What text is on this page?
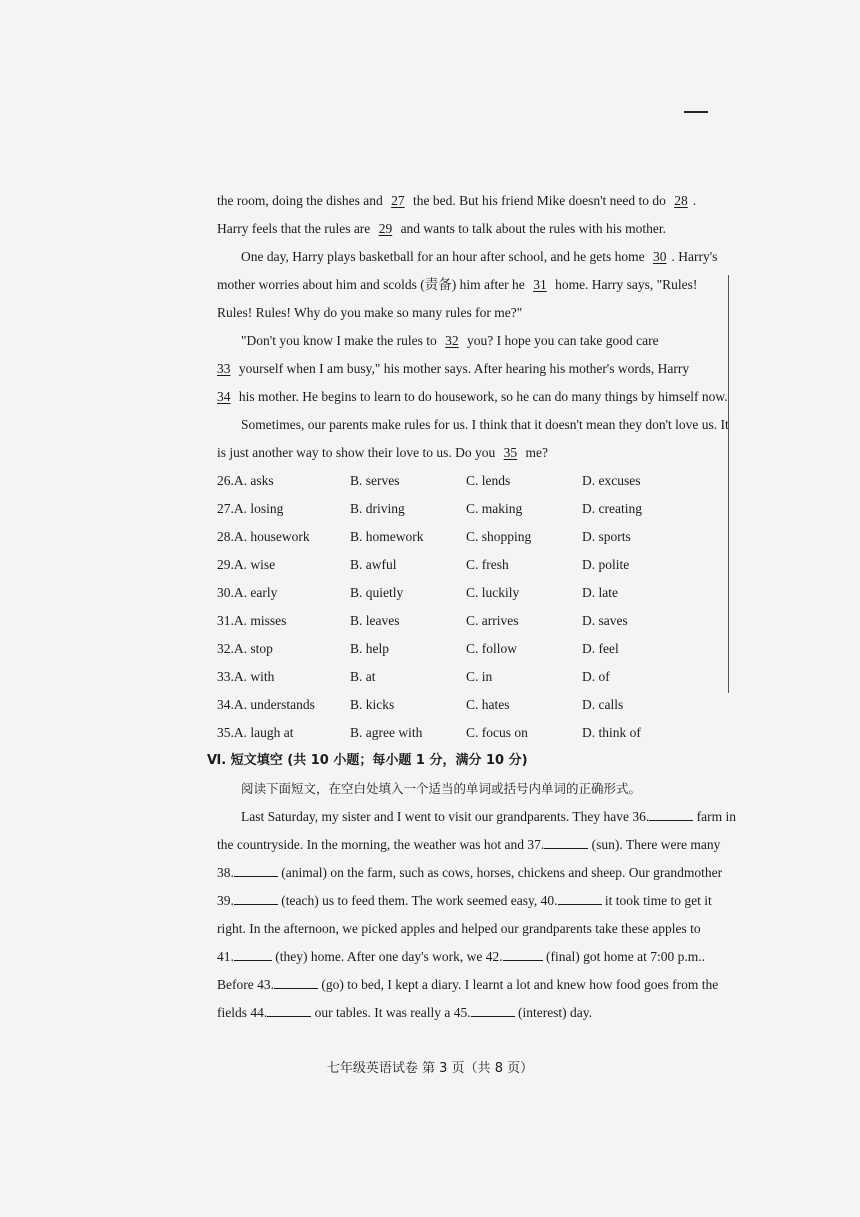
the room, doing the dishes and 27 the bed. But his friend Mike doesn't need to do 28 .
Harry feels that the rules are 29 and wants to talk about the rules with his mother.
One day, Harry plays basketball for an hour after school, and he gets home 30 . Harry's
mother worries about him and scolds (责备) him after he 31 home. Harry says, "Rules!
Rules! Rules! Why do you make so many rules for me?"
"Don't you know I make the rules to 32 you? I hope you can take good care
33 yourself when I am busy," his mother says. After hearing his mother's words, Harry
34 his mother. He begins to learn to do housework, so he can do many things by himself now.
Sometimes, our parents make rules for us. I think that it doesn't mean they don't love us. It
is just another way to show their love to us. Do you 35 me?
26.A. asks	B. serves	C. lends	D. excuses
27.A. losing	B. driving	C. making	D. creating
28.A. housework	B. homework	C. shopping	D. sports
29.A. wise	B. awful	C. fresh	D. polite
30.A. early	B. quietly	C. luckily	D. late
31.A. misses	B. leaves	C. arrives	D. saves
32.A. stop	B. help	C. follow	D. feel
33.A. with	B. at	C. in	D. of
34.A. understands	B. kicks	C. hates	D. calls
35.A. laugh at	B. agree with	C. focus on	D. think of
Ⅵ. 短文填空 (共 10 小题；每小题 1 分，满分 10 分)
阅读下面短文，在空白处填入一个适当的单词或括号内单词的正确形式。
Last Saturday, my sister and I went to visit our grandparents. They have 36.	farm in
the countryside. In the morning, the weather was hot and 37.	(sun). There were many
38.	(animal) on the farm, such as cows, horses, chickens and sheep. Our grandmother
39.	(teach) us to feed them. The work seemed easy, 40.	it took time to get it
right. In the afternoon, we picked apples and helped our grandparents take these apples to
41.	(they) home. After one day's work, we 42.	(final) got home at 7:00 p.m..
Before 43.	(go) to bed, I kept a diary. I learnt a lot and knew how food goes from the
fields 44.	our tables. It was really a 45.	(interest) day.
七年级英语试卷 第 3 页（共 8 页）
